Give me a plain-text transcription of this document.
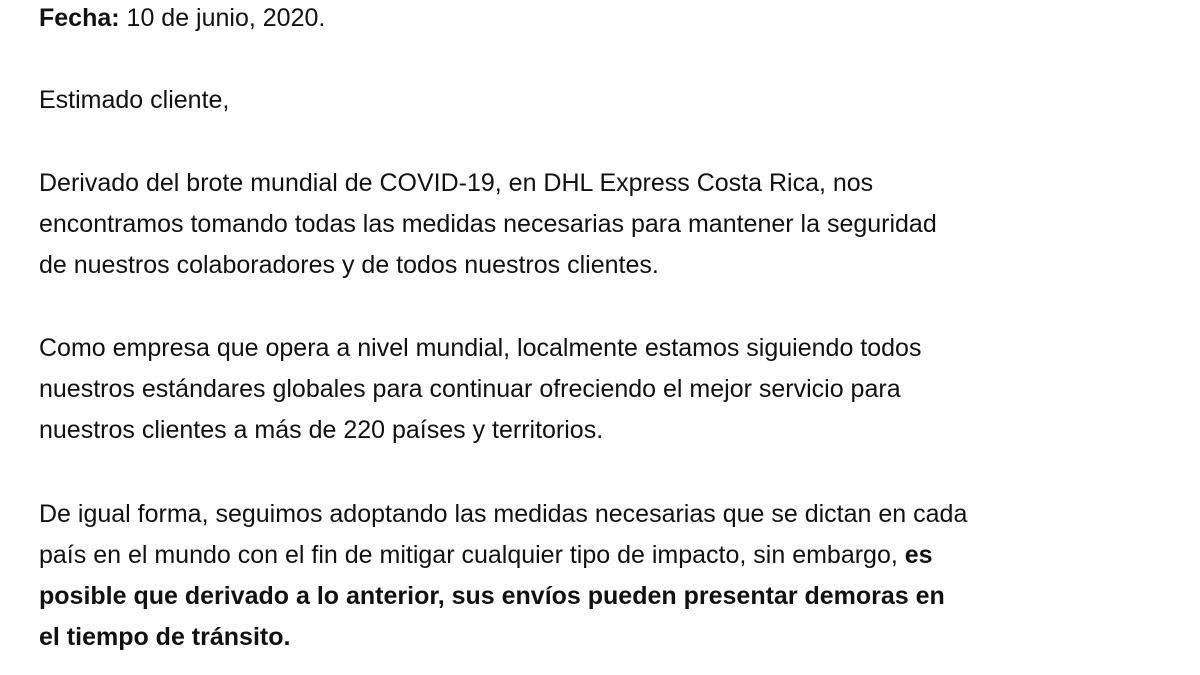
Fecha: 10 de junio, 2020.
Estimado cliente,
Derivado del brote mundial de COVID-19, en DHL Express Costa Rica, nos
encontramos tomando todas las medidas necesarias para mantener la seguridad
de nuestros colaboradores y de todos nuestros clientes.
Como empresa que opera a nivel mundial, localmente estamos siguiendo todos
nuestros estándares globales para continuar ofreciendo el mejor servicio para
nuestros clientes a más de 220 países y territorios.
De igual forma, seguimos adoptando las medidas necesarias que se dictan en cada
país en el mundo con el fin de mitigar cualquier tipo de impacto, sin embargo, es
posible que derivado a lo anterior, sus envíos pueden presentar demoras en
el tiempo de tránsito.
